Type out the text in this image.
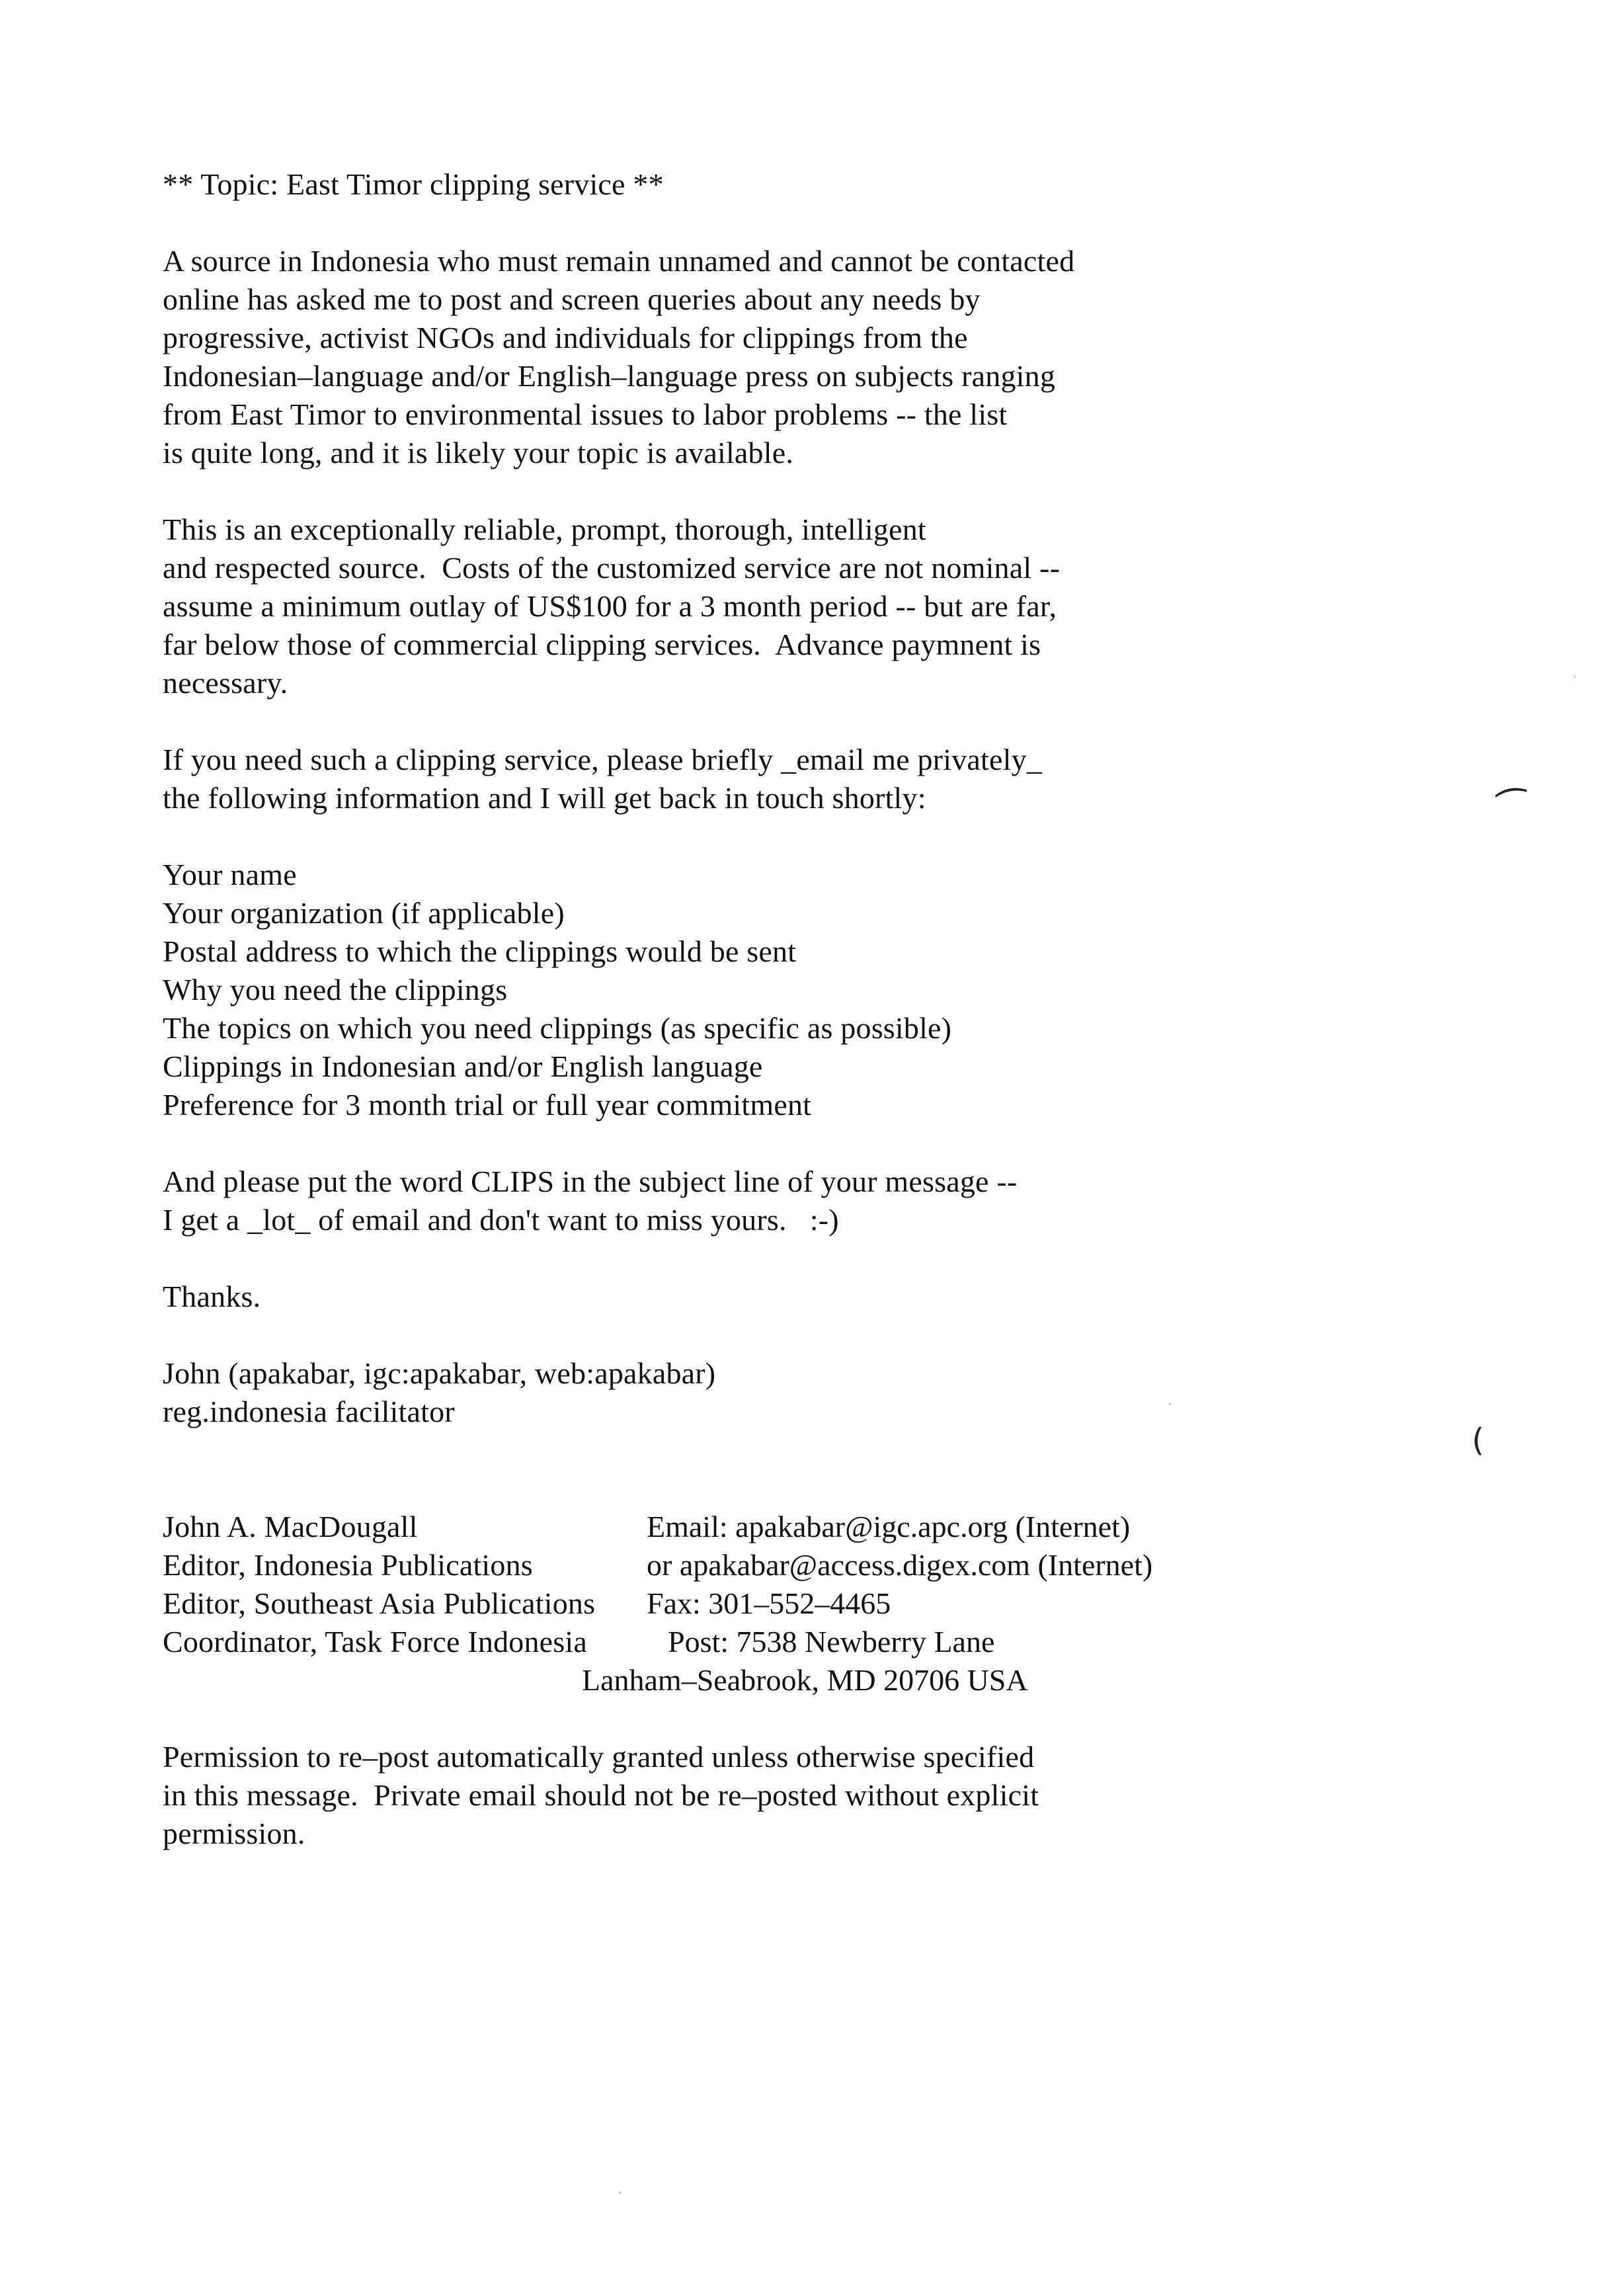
** Topic: East Timor clipping service **
A source in Indonesia who must remain unnamed and cannot be contacted
online has asked me to post and screen queries about any needs by
progressive, activist NGOs and individuals for clippings from the
Indonesian–language and/or English–language press on subjects ranging
from East Timor to environmental issues to labor problems -- the list
is quite long, and it is likely your topic is available.
This is an exceptionally reliable, prompt, thorough, intelligent
and respected source.  Costs of the customized service are not nominal --
assume a minimum outlay of US$100 for a 3 month period -- but are far,
far below those of commercial clipping services.  Advance paymnent is
necessary.
If you need such a clipping service, please briefly _email me privately_
the following information and I will get back in touch shortly:
Your name
Your organization (if applicable)
Postal address to which the clippings would be sent
Why you need the clippings
The topics on which you need clippings (as specific as possible)
Clippings in Indonesian and/or English language
Preference for 3 month trial or full year commitment
And please put the word CLIPS in the subject line of your message --
I get a _lot_ of email and don't want to miss yours.   :-)
Thanks.
John (apakabar, igc:apakabar, web:apakabar)
reg.indonesia facilitator
John A. MacDougall
Editor, Indonesia Publications
Editor, Southeast Asia Publications
Coordinator, Task Force Indonesia
Email: apakabar@igc.apc.org (Internet)
or apakabar@access.digex.com (Internet)
Fax: 301–552–4465
Post: 7538 Newberry Lane
Lanham–Seabrook, MD 20706 USA
Permission to re–post automatically granted unless otherwise specified
in this message.  Private email should not be re–posted without explicit
permission.
⁀
(
